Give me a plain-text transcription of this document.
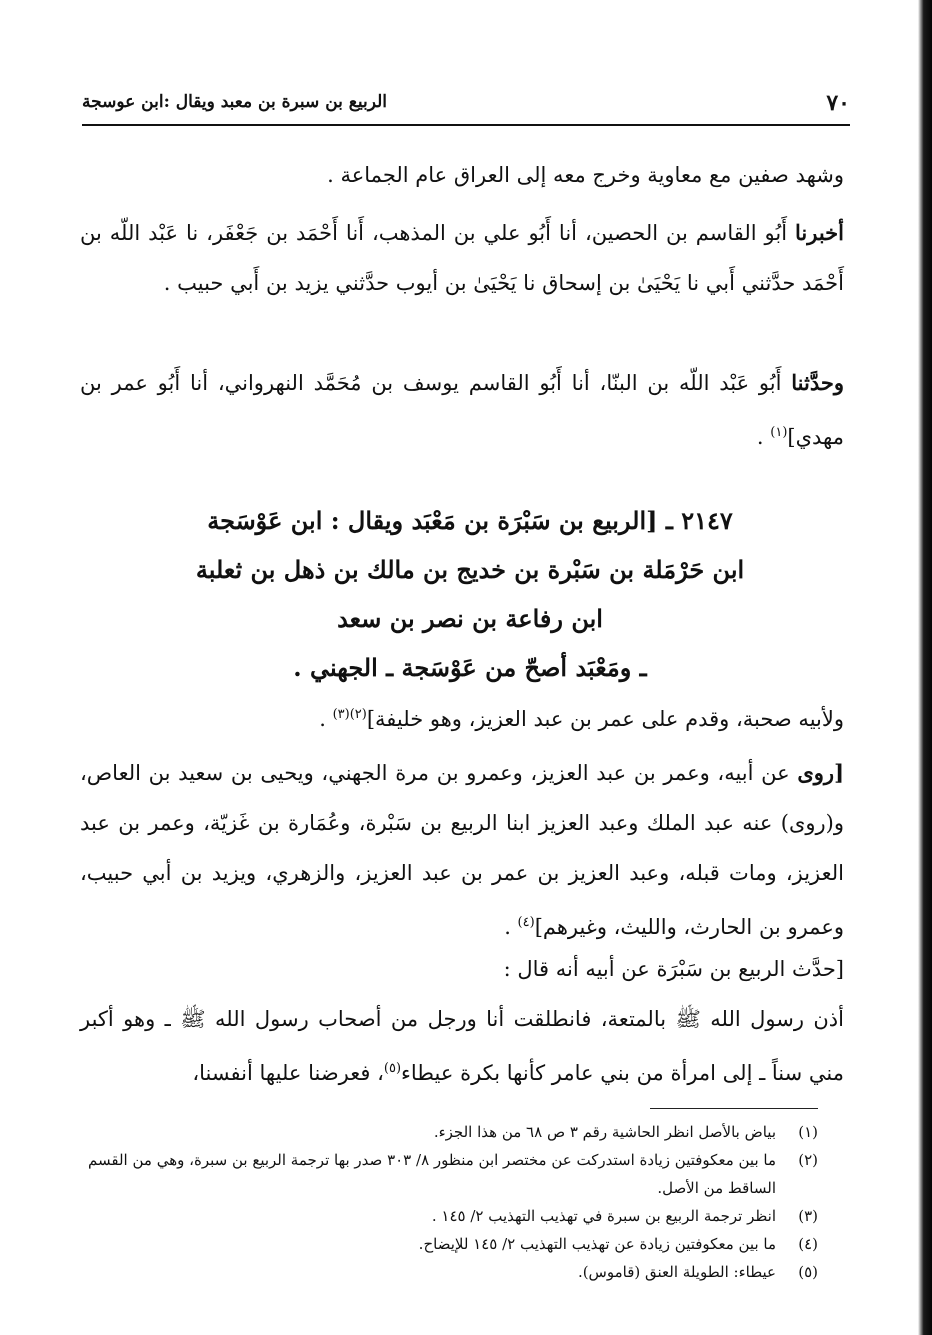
٧٠
الربيع بن سبرة بن معبد ويقال :ابن عوسجة

وشهد صفين مع معاوية وخرج معه إلى العراق عام الجماعة .

أخبرنا أَبُو القاسم بن الحصين، أنا أَبُو علي بن المذهب، أَنا أَحْمَد بن جَعْفَر، نا عَبْد اللّه بن أَحْمَد حدَّثني أَبي نا يَحْيَىٰ بن إسحاق نا يَحْيَىٰ بن أيوب حدَّثني يزيد بن أَبي حبيب .

وحدَّثنا أَبُو عَبْد اللّه بن البنّا، أنا أَبُو القاسم يوسف بن مُحَمَّد النهرواني، أنا أَبُو عمر بن مهدي]$^{(١)}$ .

٢١٤٧ ـ [الربيع بن سَبْرَة بن مَعْبَد ويقال : ابن عَوْسَجة
ابن حَرْمَلة بن سَبْرة بن خديج بن مالك بن ذهل بن ثعلبة
ابن رفاعة بن نصر بن سعد
ـ ومَعْبَد أصحّ من عَوْسَجة ـ الجهني .

ولأبيه صحبة، وقدم على عمر بن عبد العزيز، وهو خليفة]$^{(٢)(٣)}$ .

[روى عن أبيه، وعمر بن عبد العزيز، وعمرو بن مرة الجهني، ويحيى بن سعيد بن العاص، و(روى) عنه عبد الملك وعبد العزيز ابنا الربيع بن سَبْرة، وعُمَارة بن غَزيّة، وعمر بن عبد العزيز، ومات قبله، وعبد العزيز بن عمر بن عبد العزيز، والزهري، ويزيد بن أبي حبيب، وعمرو بن الحارث، والليث، وغيرهم]$^{(٤)}$ .

[حدَّث الربيع بن سَبْرَة عن أبيه أنه قال :

أذن رسول الله ﷺ بالمتعة، فانطلقت أنا ورجل من أصحاب رسول الله ﷺ ـ وهو أكبر مني سناً ـ إلى امرأة من بني عامر كأنها بكرة عيطاء$^{(٥)}$، فعرضنا عليها أنفسنا،

(١)
بياض بالأصل انظر الحاشية رقم ٣ ص ٦٨ من هذا الجزء.

(٢)
ما بين معكوفتين زيادة استدركت عن مختصر ابن منظور ٨/ ٣٠٣ صدر بها ترجمة الربيع بن سبرة، وهي من القسم الساقط من الأصل.

(٣)
انظر ترجمة الربيع بن سبرة في تهذيب التهذيب ٢/ ١٤٥ .

(٤)
ما بين معكوفتين زيادة عن تهذيب التهذيب ٢/ ١٤٥ للإيضاح.

(٥)
عيطاء: الطويلة العنق (قاموس).
